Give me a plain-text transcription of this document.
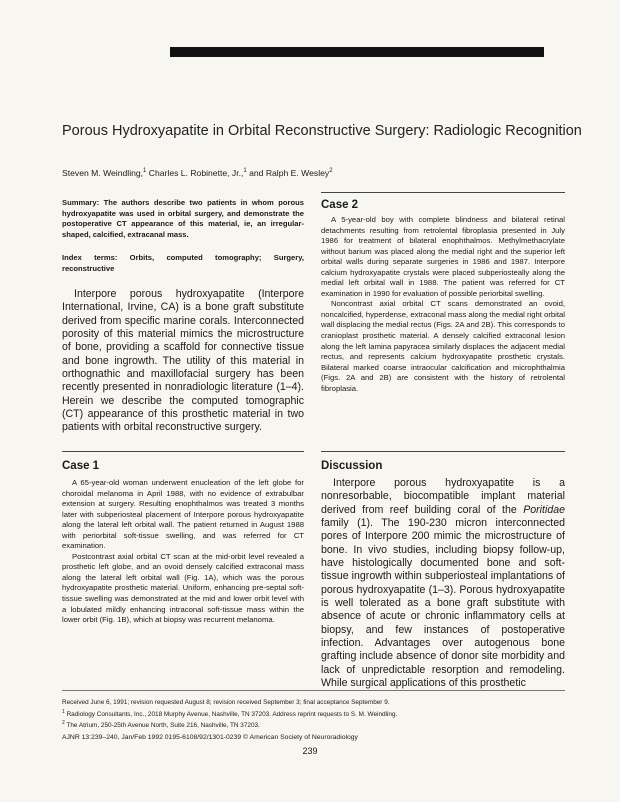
Porous Hydroxyapatite in Orbital Reconstructive Surgery: Radiologic Recognition
Steven M. Weindling,$^1$ Charles L. Robinette, Jr.,$^1$ and Ralph E. Wesley$^2$
Summary: The authors describe two patients in whom porous hydroxyapatite was used in orbital surgery, and demonstrate the postoperative CT appearance of this material, ie, an irregular-shaped, calcified, extracanal mass.
Index terms: Orbits, computed tomography; Surgery, reconstructive

Interpore porous hydroxyapatite (Interpore International, Irvine, CA) is a bone graft substitute derived from specific marine corals. Interconnected porosity of this material mimics the microstructure of bone, providing a scaffold for connective tissue and bone ingrowth. The utility of this material in orthognathic and maxillofacial surgery has been recently presented in nonradiologic literature (1–4). Herein we describe the computed tomographic (CT) appearance of this prosthetic material in two patients with orbital reconstructive surgery.

Case 1

A 65-year-old woman underwent enucleation of the left globe for choroidal melanoma in April 1988, with no evidence of extrabulbar extension at surgery. Resulting enophthalmos was treated 3 months later with subperiosteal placement of Interpore porous hydroxyapatite along the lateral left orbital wall. The patient returned in August 1988 with periorbital soft-tissue swelling, and was referred for CT examination.

Postcontrast axial orbital CT scan at the mid-orbit level revealed a prosthetic left globe, and an ovoid densely calcified extraconal mass along the lateral left orbital wall (Fig. 1A), which was the porous hydroxyapatite prosthetic material. Uniform, enhancing pre-septal soft-tissue swelling was demonstrated at the mid and lower orbit level with a lobulated mildly enhancing intraconal soft-tissue mass within the lower orbit (Fig. 1B), which at biopsy was recurrent melanoma.

Case 2

A 5-year-old boy with complete blindness and bilateral retinal detachments resulting from retrolental fibroplasia presented in July 1986 for treatment of bilateral enophthalmos. Methylmethacrylate without barium was placed along the medial right and the superior left orbital walls during separate surgeries in 1986 and 1987. Interpore calcium hydroxyapatite crystals were placed subperiosteally along the medial left orbital wall in 1988. The patient was referred for CT examination in 1990 for evaluation of possible periorbital swelling.

Noncontrast axial orbital CT scans demonstrated an ovoid, noncalcified, hyperdense, extraconal mass along the medial right orbital wall displacing the medial rectus (Figs. 2A and 2B). This corresponds to cranioplast prosthetic material. A densely calcified extraconal lesion along the left lamina papyracea similarly displaces the adjacent medial rectus, and represents calcium hydroxyapatite prosthetic crystals. Bilateral marked coarse intraocular calcification and microphthalmia (Figs. 2A and 2B) are consistent with the history of retrolental fibroplasia.

Discussion

Interpore porous hydroxyapatite is a nonresorbable, biocompatible implant material derived from reef building coral of the Poritidae family (1). The 190-230 micron interconnected pores of Interpore 200 mimic the microstructure of bone. In vivo studies, including biopsy follow-up, have histologically documented bone and soft-tissue ingrowth within subperiosteal implantations of porous hydroxyapatite (1–3). Porous hydroxyapatite is well tolerated as a bone graft substitute with absence of acute or chronic inflammatory cells at biopsy, and few instances of postoperative infection. Advantages over autogenous bone grafting include absence of donor site morbidity and lack of unpredictable resorption and remodeling. While surgical applications of this prosthetic

Received June 6, 1991; revision requested August 8; revision received September 3; final acceptance September 9.
$^1$ Radiology Consultants, Inc., 2018 Murphy Avenue, Nashville, TN 37203. Address reprint requests to S. M. Weindling.
$^2$ The Atrium, 250-25th Avenue North, Suite 216, Nashville, TN 37203.
AJNR 13:239–240, Jan/Feb 1992 0195-6108/92/1301-0239 © American Society of Neuroradiology
239
